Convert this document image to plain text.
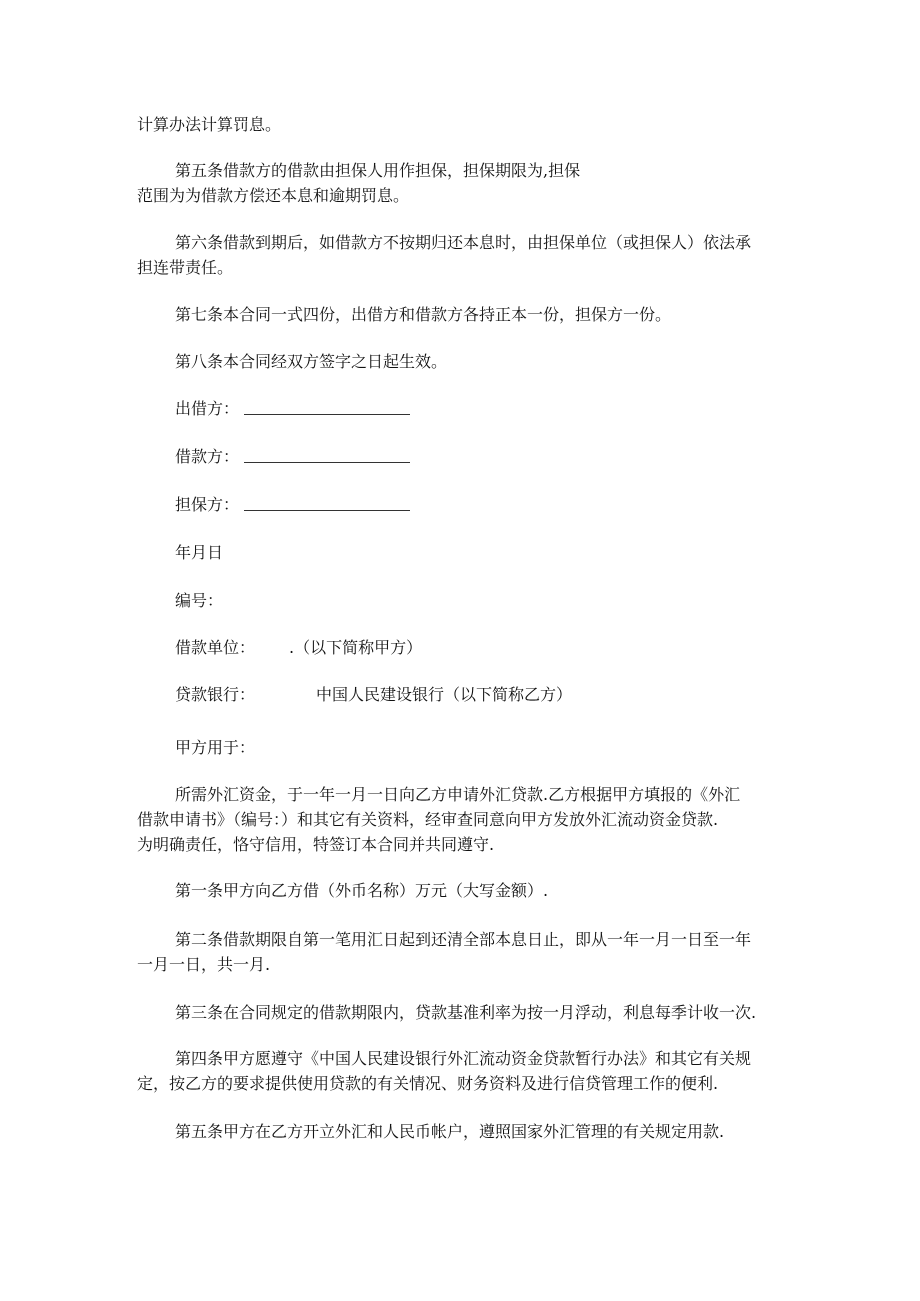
计算办法计算罚息。
第五条借款方的借款由担保人用作担保，担保期限为,担保
范围为为借款方偿还本息和逾期罚息。
第六条借款到期后，如借款方不按期归还本息时，由担保单位（或担保人）依法承
担连带责任。
第七条本合同一式四份，出借方和借款方各持正本一份，担保方一份。
第八条本合同经双方签字之日起生效。
出借方：
借款方：
担保方：
年月日
编号：
借款单位： .（以下简称甲方）
贷款银行：	中国人民建设银行（以下简称乙方）
甲方用于：
所需外汇资金，于一年一月一日向乙方申请外汇贷款.乙方根据甲方填报的《外汇
借款申请书》（编号：）和其它有关资料，经审查同意向甲方发放外汇流动资金贷款.
为明确责任，恪守信用，特签订本合同并共同遵守.
第一条甲方向乙方借（外币名称）万元（大写金额）.
第二条借款期限自第一笔用汇日起到还清全部本息日止，即从一年一月一日至一年
一月一日，共一月.
第三条在合同规定的借款期限内，贷款基准利率为按一月浮动，利息每季计收一次.
第四条甲方愿遵守《中国人民建设银行外汇流动资金贷款暂行办法》和其它有关规
定，按乙方的要求提供使用贷款的有关情况、财务资料及进行信贷管理工作的便利.
第五条甲方在乙方开立外汇和人民币帐户，遵照国家外汇管理的有关规定用款.
